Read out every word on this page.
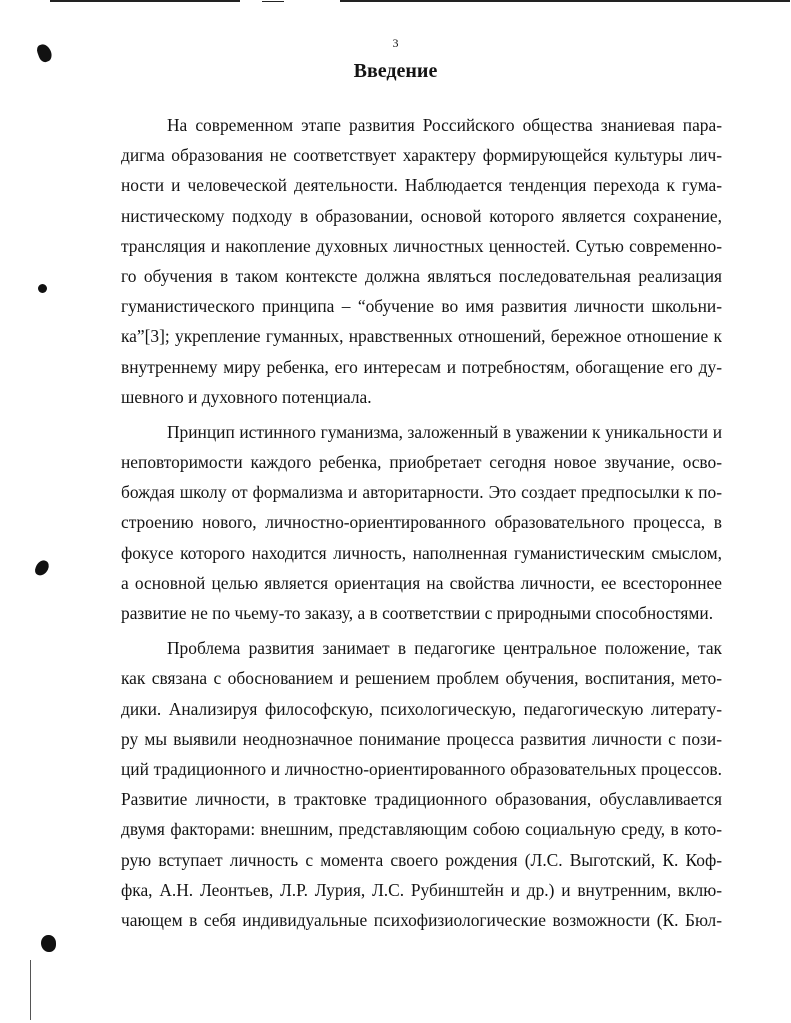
3
Введение
На современном этапе развития Российского общества знаниевая пара-
дигма образования не соответствует характеру формирующейся культуры лич-
ности и человеческой деятельности. Наблюдается тенденция перехода к гума-
нистическому подходу в образовании, основой которого является сохранение,
трансляция и накопление духовных личностных ценностей. Сутью современно-
го обучения в таком контексте должна являться последовательная реализация
гуманистического принципа – “обучение во имя развития личности школьни-
ка”[3]; укрепление гуманных, нравственных отношений, бережное отношение к
внутреннему миру ребенка, его интересам и потребностям, обогащение его ду-
шевного и духовного потенциала.
Принцип истинного гуманизма, заложенный в уважении к уникальности и
неповторимости каждого ребенка, приобретает сегодня новое звучание, осво-
бождая школу от формализма и авторитарности. Это создает предпосылки к по-
строению нового, личностно-ориентированного образовательного процесса, в
фокусе которого находится личность, наполненная гуманистическим смыслом,
а основной целью является ориентация на свойства личности, ее всестороннее
развитие не по чьему-то заказу, а в соответствии с природными способностями.
Проблема развития занимает в педагогике центральное положение, так
как связана с обоснованием и решением проблем обучения, воспитания, мето-
дики. Анализируя философскую, психологическую, педагогическую литерату-
ру мы выявили неоднозначное понимание процесса развития личности с пози-
ций традиционного и личностно-ориентированного образовательных процессов.
Развитие личности, в трактовке традиционного образования, обуславливается
двумя факторами: внешним, представляющим собою социальную среду, в кото-
рую вступает личность с момента своего рождения (Л.С. Выготский, К. Коф-
фка, А.Н. Леонтьев, Л.Р. Лурия, Л.С. Рубинштейн и др.) и внутренним, вклю-
чающем в себя индивидуальные психофизиологические возможности (К. Бюл-
